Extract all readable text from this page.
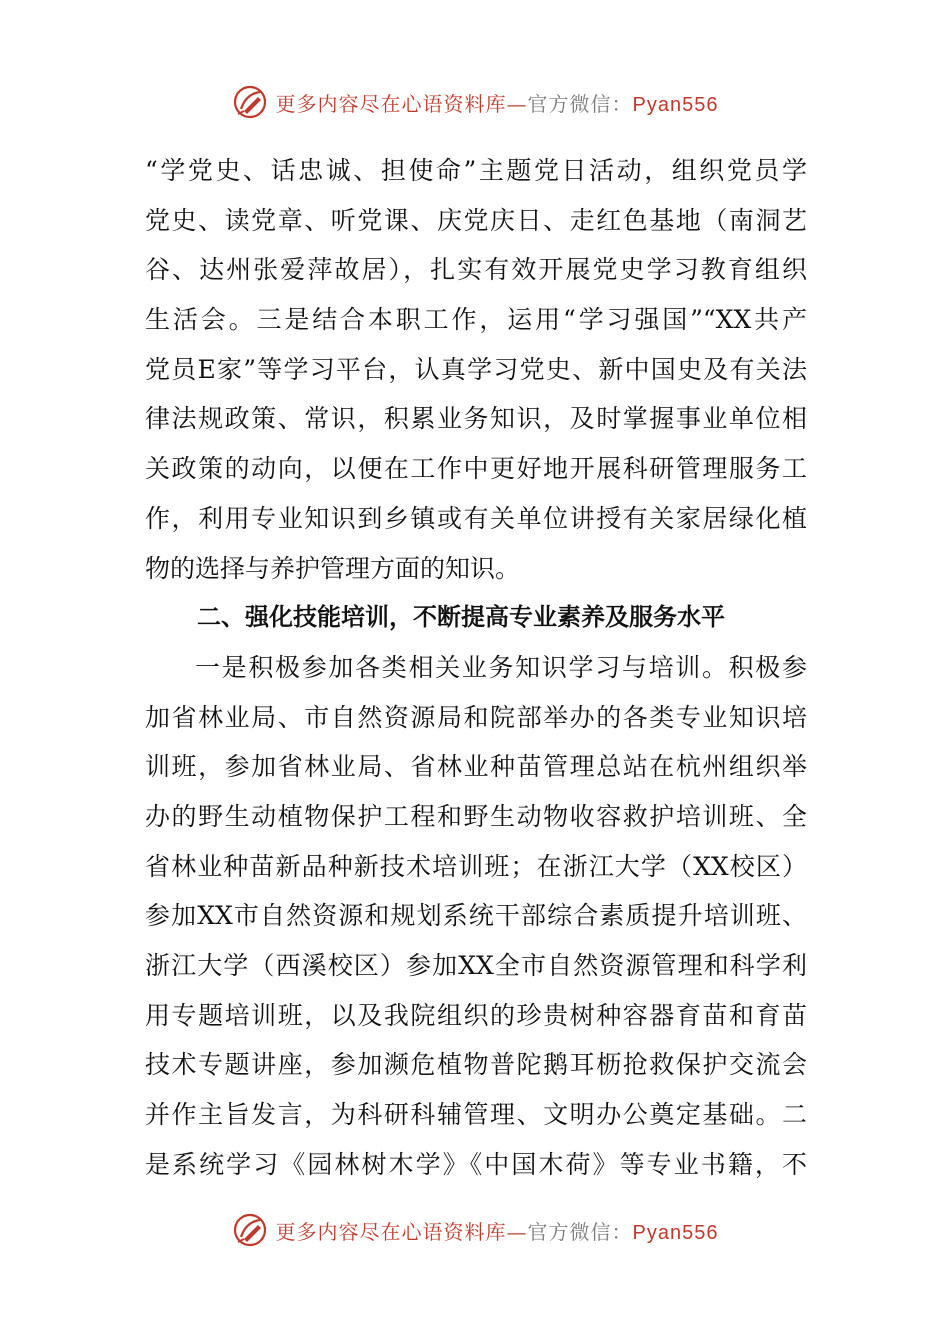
更多内容尽在心语资料库—官方微信：Pyan556
“学党史、话忠诚、担使命”主题党日活动，组织党员学
党史、读党章、听党课、庆党庆日、走红色基地（南洞艺
谷、达州张爱萍故居），扎实有效开展党史学习教育组织
生活会。三是结合本职工作，运用“学习强国”“XX共产
党员E家”等学习平台，认真学习党史、新中国史及有关法
律法规政策、常识，积累业务知识，及时掌握事业单位相
关政策的动向，以便在工作中更好地开展科研管理服务工
作，利用专业知识到乡镇或有关单位讲授有关家居绿化植
物的选择与养护管理方面的知识。
二、强化技能培训，不断提高专业素养及服务水平
一是积极参加各类相关业务知识学习与培训。积极参
加省林业局、市自然资源局和院部举办的各类专业知识培
训班，参加省林业局、省林业种苗管理总站在杭州组织举
办的野生动植物保护工程和野生动物收容救护培训班、全
省林业种苗新品种新技术培训班；在浙江大学（XX校区）
参加XX市自然资源和规划系统干部综合素质提升培训班、
浙江大学（西溪校区）参加XX全市自然资源管理和科学利
用专题培训班，以及我院组织的珍贵树种容器育苗和育苗
技术专题讲座，参加濒危植物普陀鹅耳枥抢救保护交流会
并作主旨发言，为科研科辅管理、文明办公奠定基础。二
是系统学习《园林树木学》《中国木荷》等专业书籍，不
更多内容尽在心语资料库—官方微信：Pyan556
